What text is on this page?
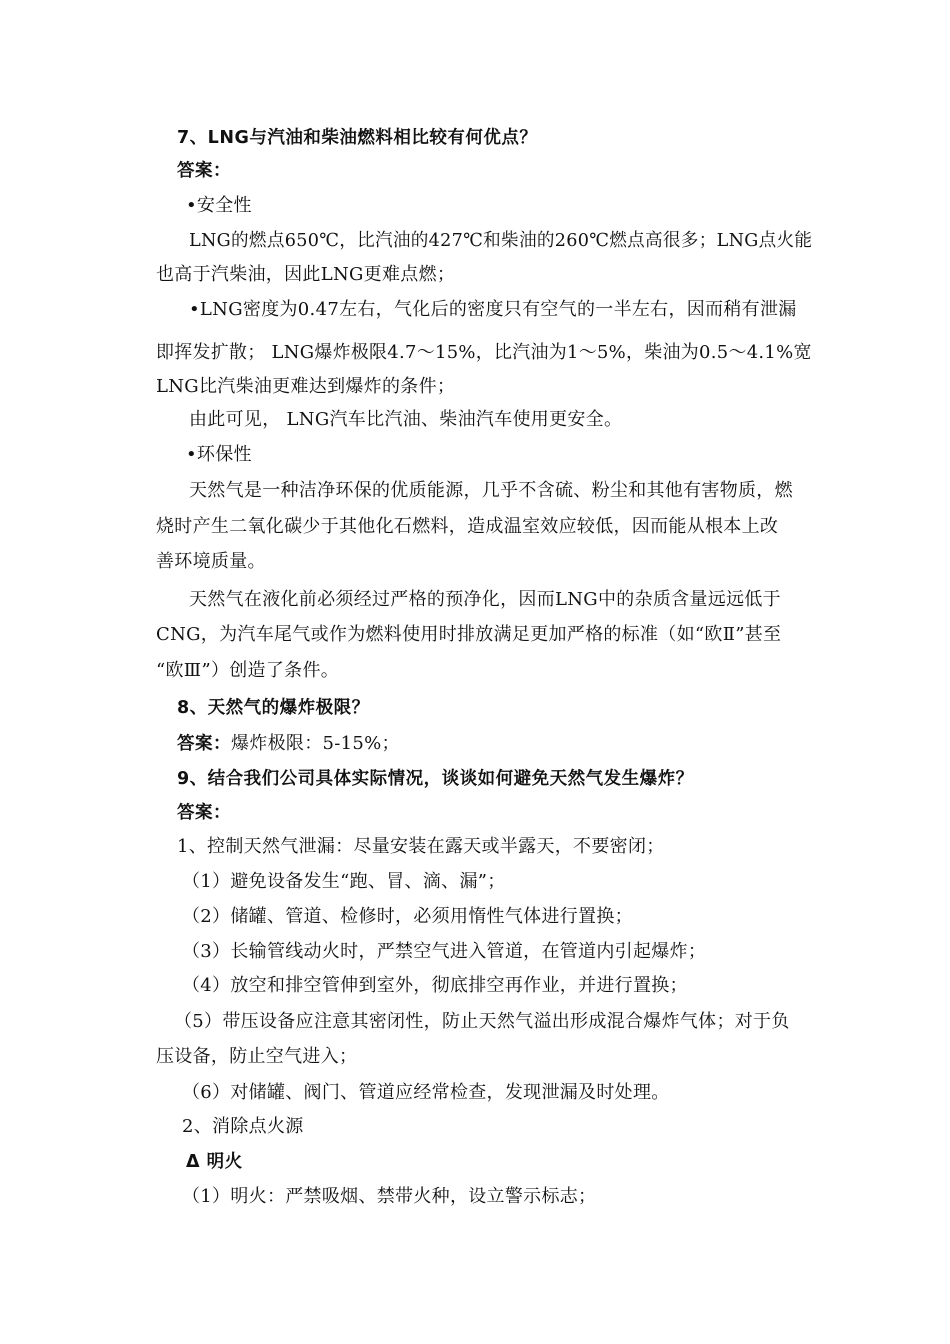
7、LNG与汽油和柴油燃料相比较有何优点？
答案：
•安全性
LNG的燃点650℃，比汽油的427℃和柴油的260℃燃点高很多；LNG点火能
也高于汽柴油，因此LNG更难点燃；
•LNG密度为0.47左右，气化后的密度只有空气的一半左右，因而稍有泄漏
即挥发扩散； LNG爆炸极限4.7～15%，比汽油为1～5%，柴油为0.5～4.1%宽
LNG比汽柴油更难达到爆炸的条件；
由此可见， LNG汽车比汽油、柴油汽车使用更安全。
•环保性
天然气是一种洁净环保的优质能源，几乎不含硫、粉尘和其他有害物质，燃
烧时产生二氧化碳少于其他化石燃料，造成温室效应较低，因而能从根本上改
善环境质量。
天然气在液化前必须经过严格的预净化，因而LNG中的杂质含量远远低于
CNG，为汽车尾气或作为燃料使用时排放满足更加严格的标准（如“欧Ⅱ”甚至
“欧Ⅲ”）创造了条件。
8、天然气的爆炸极限？
答案：爆炸极限：5-15%；
9、结合我们公司具体实际情况，谈谈如何避免天然气发生爆炸？
答案：
1、控制天然气泄漏：尽量安装在露天或半露天，不要密闭；
（1）避免设备发生“跑、冒、滴、漏”；
（2）储罐、管道、检修时，必须用惰性气体进行置换；
（3）长输管线动火时，严禁空气进入管道，在管道内引起爆炸；
（4）放空和排空管伸到室外，彻底排空再作业，并进行置换；
（5）带压设备应注意其密闭性，防止天然气溢出形成混合爆炸气体；对于负
压设备，防止空气进入；
（6）对储罐、阀门、管道应经常检查，发现泄漏及时处理。
2、消除点火源
Δ 明火
（1）明火：严禁吸烟、禁带火种，设立警示标志；
